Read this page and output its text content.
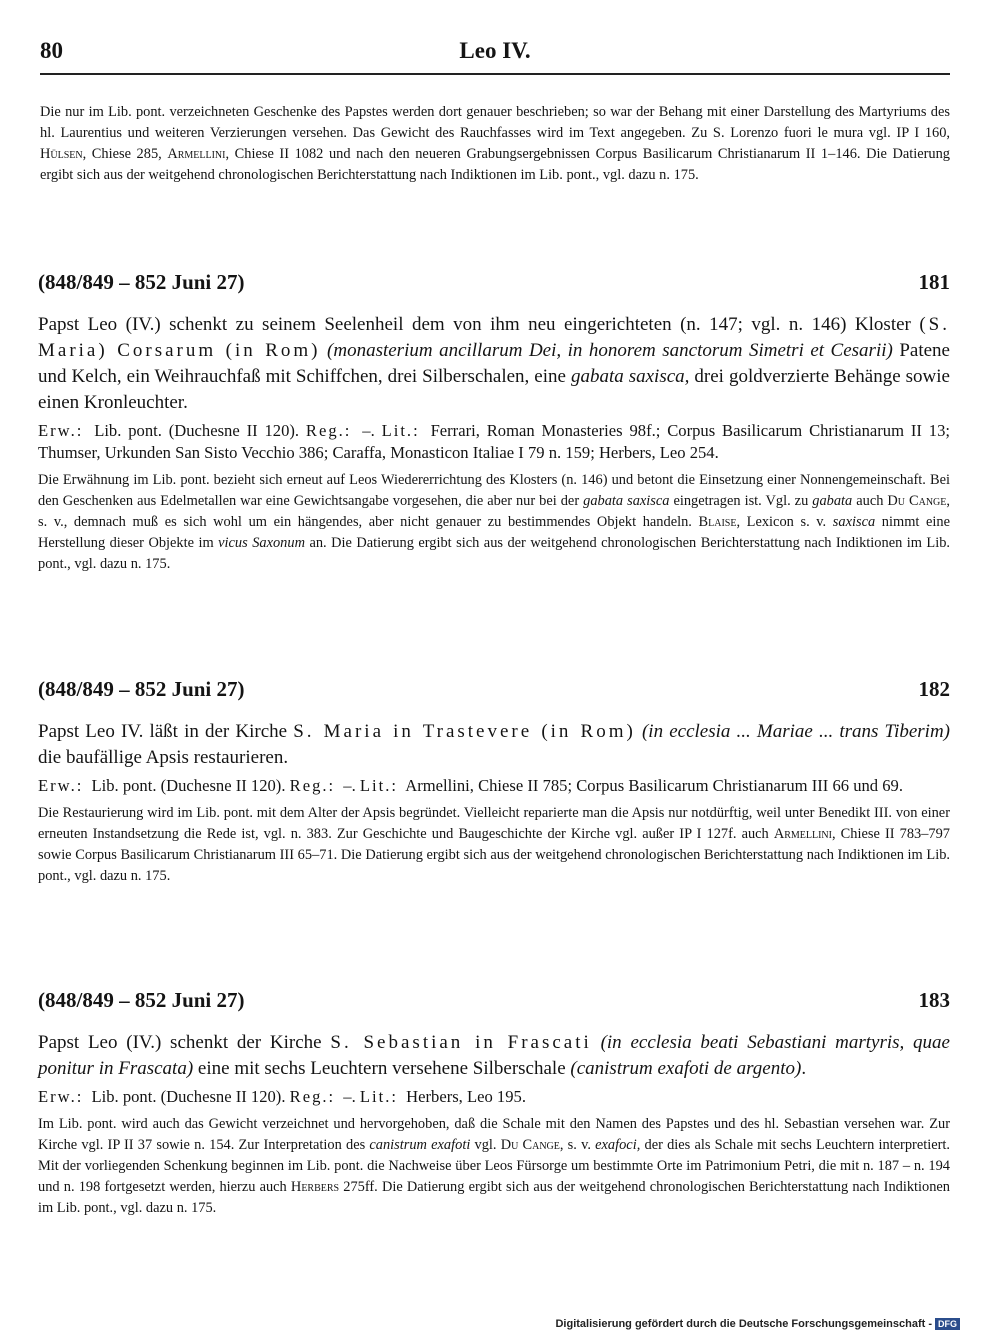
80	Leo IV.

Die nur im Lib. pont. verzeichneten Geschenke des Papstes werden dort genauer beschrieben; so war der Behang mit einer Darstellung des Martyriums des hl. Laurentius und weiteren Verzierungen versehen. Das Gewicht des Rauchfasses wird im Text angegeben. Zu S. Lorenzo fuori le mura vgl. IP I 160, Hülsen, Chiese 285, Armellini, Chiese II 1082 und nach den neueren Grabungsergebnissen Corpus Basilicarum Christianarum II 1–146. Die Datierung ergibt sich aus der weitgehend chronologischen Berichterstattung nach Indiktionen im Lib. pont., vgl. dazu n. 175.

(848/849 – 852 Juni 27)	181

Papst Leo (IV.) schenkt zu seinem Seelenheil dem von ihm neu eingerichteten (n. 147; vgl. n. 146) Kloster (S. Maria) Corsarum (in Rom) (monasterium ancillarum Dei, in honorem sanctorum Simetri et Cesarii) Patene und Kelch, ein Weihrauchfaß mit Schiffchen, drei Silberschalen, eine gabata saxisca, drei goldverzierte Behänge sowie einen Kronleuchter.

Erw.: Lib. pont. (Duchesne II 120). Reg.: –. Lit.: Ferrari, Roman Monasteries 98f.; Corpus Basilicarum Christianarum II 13; Thumser, Urkunden San Sisto Vecchio 386; Caraffa, Monasticon Italiae I 79 n. 159; Herbers, Leo 254.

Die Erwähnung im Lib. pont. bezieht sich erneut auf Leos Wiedererrichtung des Klosters (n. 146) und betont die Einsetzung einer Nonnengemeinschaft. Bei den Geschenken aus Edelmetallen war eine Gewichtsangabe vorgesehen, die aber nur bei der gabata saxisca eingetragen ist. Vgl. zu gabata auch Du Cange, s. v., demnach muß es sich wohl um ein hängendes, aber nicht genauer zu bestimmendes Objekt handeln. Blaise, Lexicon s. v. saxisca nimmt eine Herstellung dieser Objekte im vicus Saxonum an. Die Datierung ergibt sich aus der weitgehend chronologischen Berichterstattung nach Indiktionen im Lib. pont., vgl. dazu n. 175.

(848/849 – 852 Juni 27)	182

Papst Leo IV. läßt in der Kirche S. Maria in Trastevere (in Rom) (in ecclesia ... Mariae ... trans Tiberim) die baufällige Apsis restaurieren.

Erw.: Lib. pont. (Duchesne II 120). Reg.: –. Lit.: Armellini, Chiese II 785; Corpus Basilicarum Christianarum III 66 und 69.

Die Restaurierung wird im Lib. pont. mit dem Alter der Apsis begründet. Vielleicht reparierte man die Apsis nur notdürftig, weil unter Benedikt III. von einer erneuten Instandsetzung die Rede ist, vgl. n. 383. Zur Geschichte und Baugeschichte der Kirche vgl. außer IP I 127f. auch Armellini, Chiese II 783–797 sowie Corpus Basilicarum Christianarum III 65–71. Die Datierung ergibt sich aus der weitgehend chronologischen Berichterstattung nach Indiktionen im Lib. pont., vgl. dazu n. 175.

(848/849 – 852 Juni 27)	183

Papst Leo (IV.) schenkt der Kirche S. Sebastian in Frascati (in ecclesia beati Sebastiani martyris, quae ponitur in Frascata) eine mit sechs Leuchtern versehene Silberschale (canistrum exafoti de argento).

Erw.: Lib. pont. (Duchesne II 120). Reg.: –. Lit.: Herbers, Leo 195.

Im Lib. pont. wird auch das Gewicht verzeichnet und hervorgehoben, daß die Schale mit den Namen des Papstes und des hl. Sebastian versehen war. Zur Kirche vgl. IP II 37 sowie n. 154. Zur Interpretation des canistrum exafoti vgl. Du Cange, s. v. exafoci, der dies als Schale mit sechs Leuchtern interpretiert. Mit der vorliegenden Schenkung beginnen im Lib. pont. die Nachweise über Leos Fürsorge um bestimmte Orte im Patrimonium Petri, die mit n. 187 – n. 194 und n. 198 fortgesetzt werden, hierzu auch Herbers 275ff. Die Datierung ergibt sich aus der weitgehend chronologischen Berichterstattung nach Indiktionen im Lib. pont., vgl. dazu n. 175.

Digitalisierung gefördert durch die Deutsche Forschungsgemeinschaft - DFG
